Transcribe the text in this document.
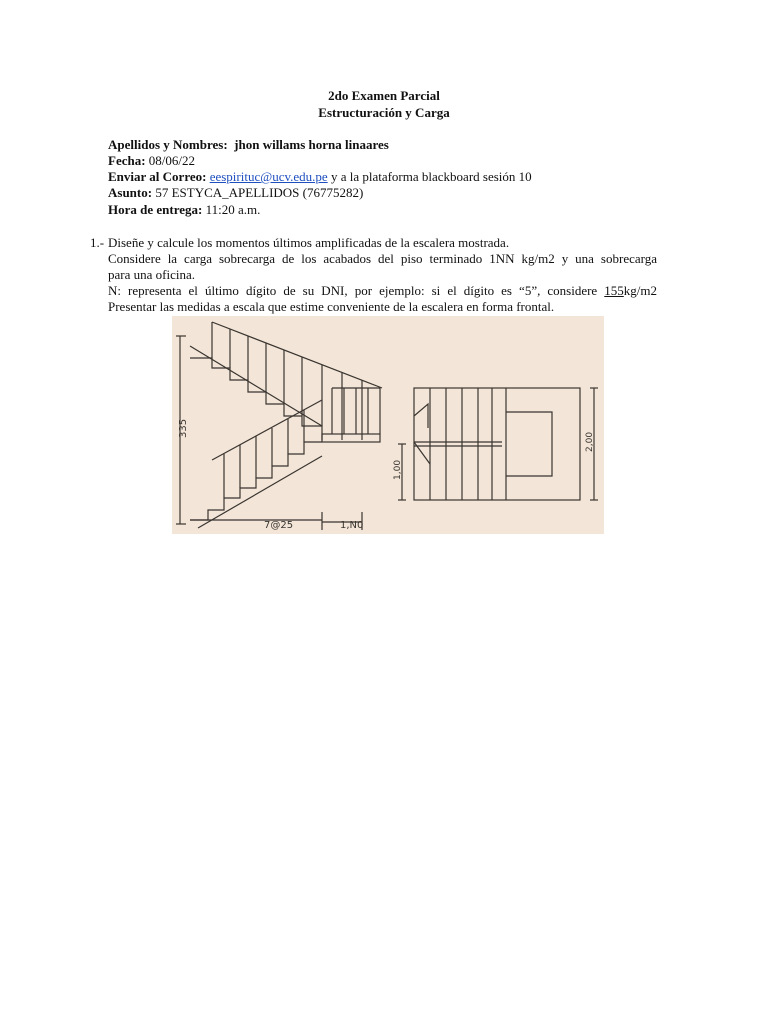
2do Examen Parcial
Estructuración y Carga
Apellidos y Nombres: jhon willams horna linaares
Fecha: 08/06/22
Enviar al Correo: eespirituc@ucv.edu.pe y a la plataforma blackboard sesión 10
Asunto: 57 ESTYCA_APELLIDOS (76775282)
Hora de entrega: 11:20 a.m.
1.- Diseñe y calcule los momentos últimos amplificadas de la escalera mostrada.
Considere la carga sobrecarga de los acabados del piso terminado 1NN kg/m2 y una sobrecarga
para una oficina.
N: representa el último dígito de su DNI, por ejemplo: si el dígito es “5”, considere 155kg/m2
Presentar las medidas a escala que estime conveniente de la escalera en forma frontal.
335
7@25	1,N0
1,00
2,00
